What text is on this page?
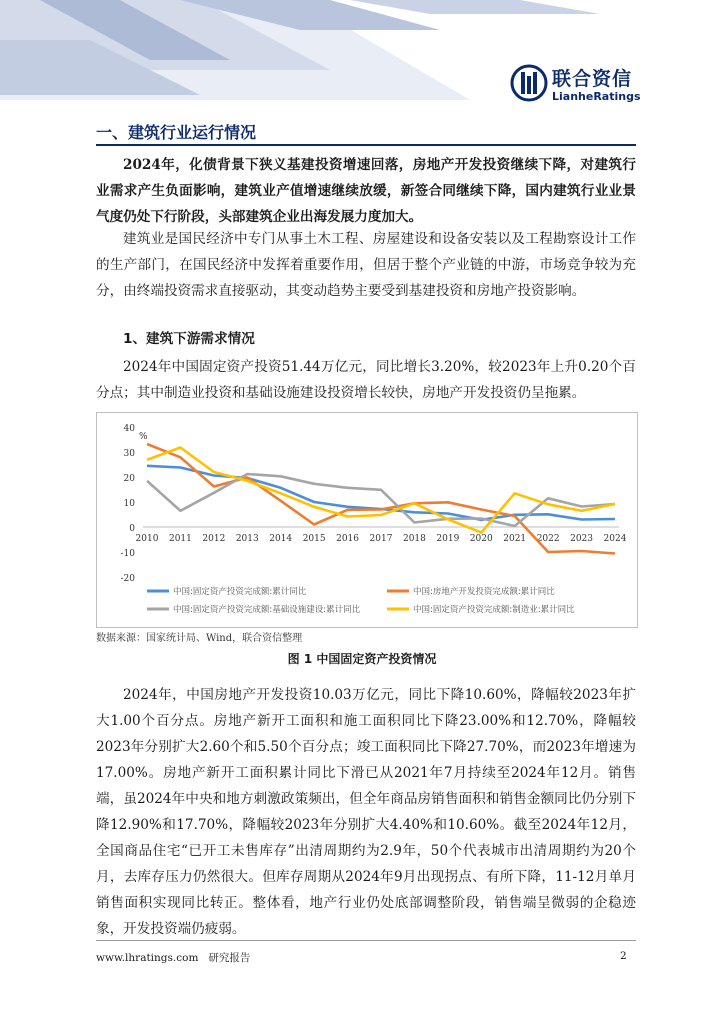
联合资信
LianheRatings
一、建筑行业运行情况

2024年，化债背景下狭义基建投资增速回落，房地产开发投资继续下降，对建筑行业需求产生负面影响，建筑业产值增速继续放缓，新签合同继续下降，国内建筑行业业景气度仍处下行阶段，头部建筑企业出海发展力度加大。

建筑业是国民经济中专门从事土木工程、房屋建设和设备安装以及工程勘察设计工作的生产部门，在国民经济中发挥着重要作用，但居于整个产业链的中游，市场竞争较为充分，由终端投资需求直接驱动，其变动趋势主要受到基建投资和房地产投资影响。

1、建筑下游需求情况

2024年中国固定资产投资51.44万亿元，同比增长3.20%，较2023年上升0.20个百分点；其中制造业投资和基础设施建设投资增长较快，房地产开发投资仍呈拖累。

40
30
20
10
0
-10
-20
%
2010 2011 2012 2013 2014 2015 2016 2017 2018 2019 2020 2021 2022 2023 2024
中国:固定资产投资完成额:累计同比	中国:房地产开发投资完成额:累计同比
中国:固定资产投资完成额:基础设施建设:累计同比	中国:固定资产投资完成额:制造业:累计同比
数据来源：国家统计局、Wind，联合资信整理
图 1 中国固定资产投资情况

2024年，中国房地产开发投资10.03万亿元，同比下降10.60%，降幅较2023年扩大1.00个百分点。房地产新开工面积和施工面积同比下降23.00%和12.70%，降幅较2023年分别扩大2.60个和5.50个百分点；竣工面积同比下降27.70%，而2023年增速为17.00%。房地产新开工面积累计同比下滑已从2021年7月持续至2024年12月。销售端，虽2024年中央和地方刺激政策频出，但全年商品房销售面积和销售金额同比仍分别下降12.90%和17.70%，降幅较2023年分别扩大4.40%和10.60%。截至2024年12月，全国商品住宅“已开工未售库存”出清周期约为2.9年，50个代表城市出清周期约为20个月，去库存压力仍然很大。但库存周期从2024年9月出现拐点、有所下降，11-12月单月销售面积实现同比转正。整体看，地产行业仍处底部调整阶段，销售端呈微弱的企稳迹象，开发投资端仍疲弱。

www.lhratings.com 研究报告	2
